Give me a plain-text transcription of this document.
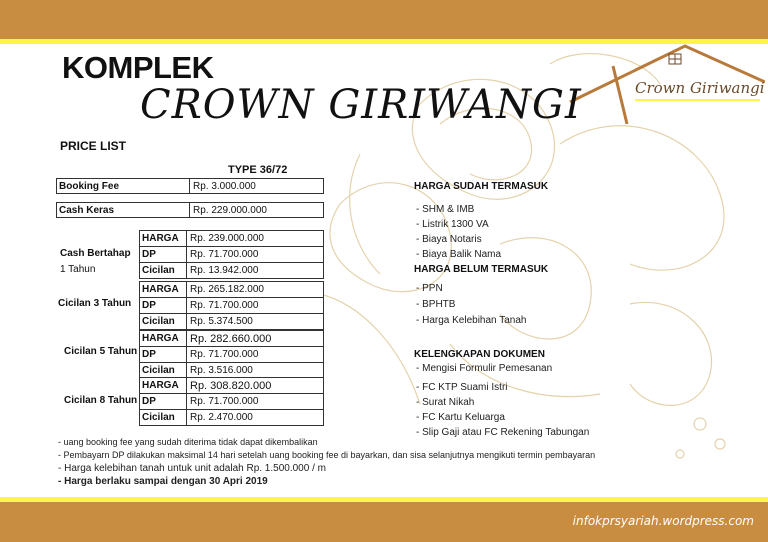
Crown Giriwangi
KOMPLEK
CROWN GIRIWANGI
PRICE LIST
TYPE 36/72
Booking Fee	Rp. 3.000.000
Cash Keras	Rp. 229.000.000
Cash Bertahap
1 Tahun
HARGA	Rp. 239.000.000
DP	Rp. 71.700.000
Cicilan	Rp. 13.942.000
Cicilan 3 Tahun
HARGA	Rp. 265.182.000
DP	Rp. 71.700.000
Cicilan	Rp. 5.374.500
Cicilan 5 Tahun
HARGA	Rp. 282.660.000
DP	Rp. 71.700.000
Cicilan	Rp. 3.516.000
Cicilan 8 Tahun
HARGA	Rp. 308.820.000
DP	Rp. 71.700.000
Cicilan	Rp. 2.470.000
HARGA SUDAH TERMASUK
- SHM & IMB
- Listrik 1300 VA
- Biaya Notaris
- Biaya Balik Nama
HARGA BELUM TERMASUK
- PPN
- BPHTB
- Harga Kelebihan Tanah
KELENGKAPAN DOKUMEN
- Mengisi Formulir Pemesanan
- FC KTP Suami Istri
- Surat Nikah
- FC Kartu Keluarga
- Slip Gaji atau FC Rekening Tabungan
- uang booking fee yang sudah diterima tidak dapat dikembalikan
- Pembayarn DP dilakukan maksimal 14 hari setelah uang booking fee di bayarkan, dan sisa selanjutnya mengikuti termin pembayaran
- Harga kelebihan tanah untuk unit adalah Rp. 1.500.000 / m
- Harga berlaku sampai dengan 30 Apri 2019
infokprsyariah.wordpress.com
